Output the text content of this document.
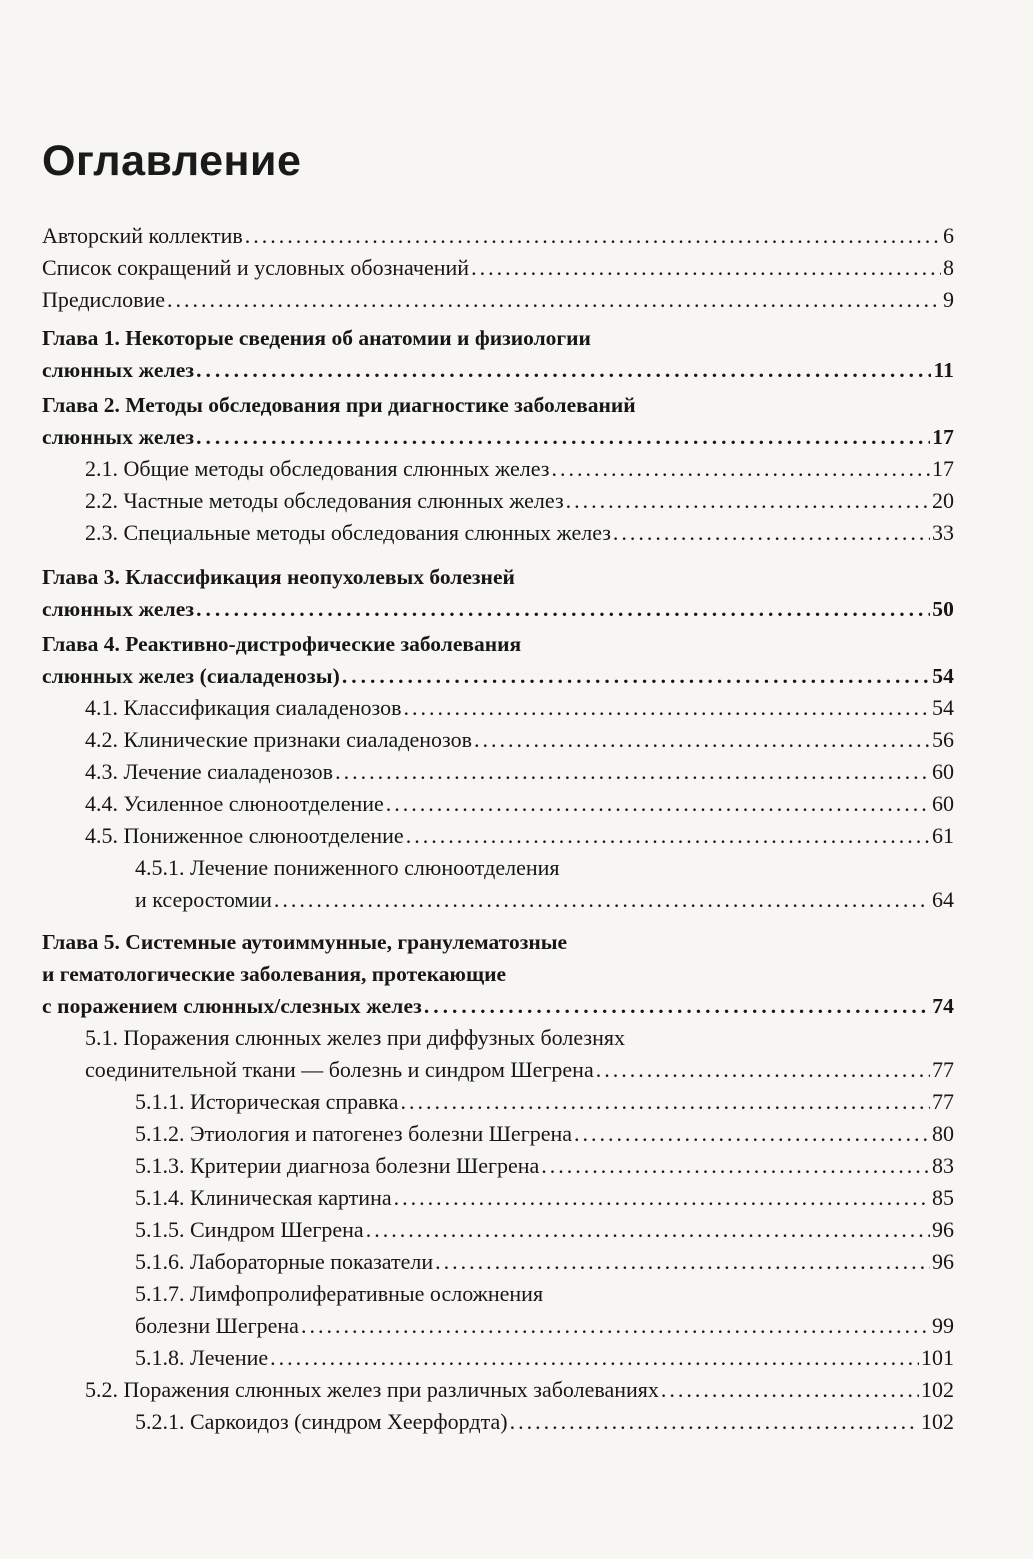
Оглавление
Авторский коллектив .....	6
Список сокращений и условных обозначений .....	8
Предисловие .....	9
Глава 1. Некоторые сведения об анатомии и физиологии
слюнных желез .....	11
Глава 2. Методы обследования при диагностике заболеваний
слюнных желез .....	17
2.1. Общие методы обследования слюнных желез .....	17
2.2. Частные методы обследования слюнных желез .....	20
2.3. Специальные методы обследования слюнных желез .....	33
Глава 3. Классификация неопухолевых болезней
слюнных желез .....	50
Глава 4. Реактивно-дистрофические заболевания
слюнных желез (сиаладенозы) .....	54
4.1. Классификация сиаладенозов .....	54
4.2. Клинические признаки сиаладенозов .....	56
4.3. Лечение сиаладенозов .....	60
4.4. Усиленное слюноотделение .....	60
4.5. Пониженное слюноотделение .....	61
4.5.1. Лечение пониженного слюноотделения
и ксеростомии .....	64
Глава 5. Системные аутоиммунные, гранулематозные
и гематологические заболевания, протекающие
с поражением слюнных/слезных желез .....	74
5.1. Поражения слюнных желез при диффузных болезнях
соединительной ткани — болезнь и синдром Шегрена .....	77
5.1.1. Историческая справка .....	77
5.1.2. Этиология и патогенез болезни Шегрена .....	80
5.1.3. Критерии диагноза болезни Шегрена .....	83
5.1.4. Клиническая картина .....	85
5.1.5. Синдром Шегрена .....	96
5.1.6. Лабораторные показатели .....	96
5.1.7. Лимфопролиферативные осложнения
болезни Шегрена .....	99
5.1.8. Лечение .....	101
5.2. Поражения слюнных желез при различных заболеваниях .....	102
5.2.1. Саркоидоз (синдром Хеерфордта) .....	102
